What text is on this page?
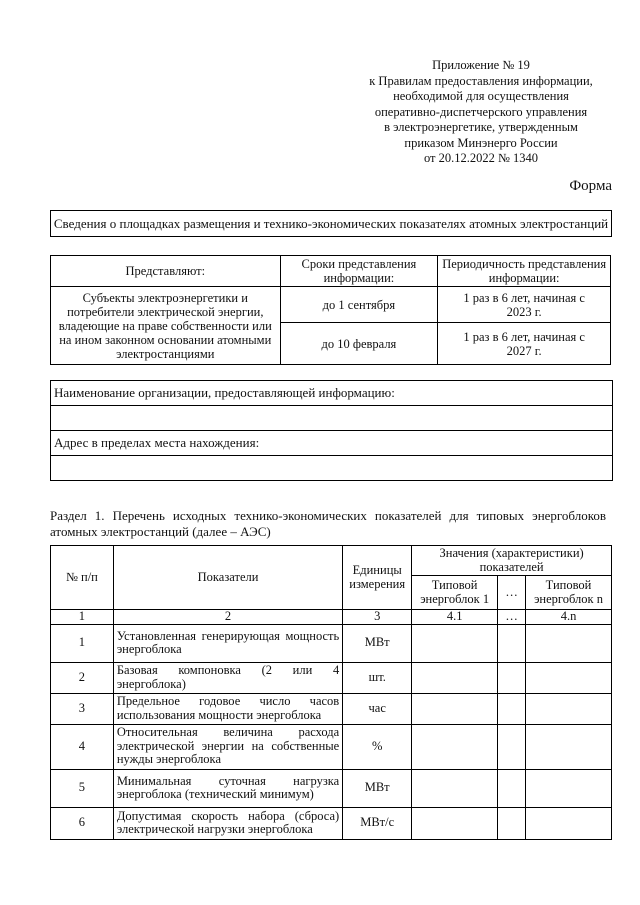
Приложение № 19
к Правилам предоставления информации,
необходимой для осуществления
оперативно-диспетчерского управления
в электроэнергетике, утвержденным
приказом Минэнерго России
от 20.12.2022 № 1340
Форма
Сведения о площадках размещения и технико-экономических показателях атомных электростанций
Представляют:	Сроки представления информации:	Периодичность представления информации:
Субъекты электроэнергетики и потребители электрической энергии, владеющие на праве собственности или на ином законном основании атомными электростанциями	до 1 сентября	1 раз в 6 лет, начиная с 2023 г.
	до 10 февраля	1 раз в 6 лет, начиная с 2027 г.
Наименование организации, предоставляющей информацию:

Адрес в пределах места нахождения:

Раздел 1. Перечень исходных технико-экономических показателей для типовых энергоблоков атомных электростанций (далее – АЭС)
№ п/п	Показатели	Единицы измерения	Значения (характеристики) показателей		
			Типовой энергоблок 1	…	Типовой энергоблок n
1	2	3	4.1	…	4.n
1	Установленная генерирующая мощность энергоблока	МВт			
2	Базовая компоновка (2 или 4 энергоблока)	шт.			
3	Предельное годовое число часов использования мощности энергоблока	час			
4	Относительная величина расхода электрической энергии на собственные нужды энергоблока	%			
5	Минимальная суточная нагрузка энергоблока (технический минимум)	МВт			
6	Допустимая скорость набора (сброса) электрической нагрузки энергоблока	МВт/с			
